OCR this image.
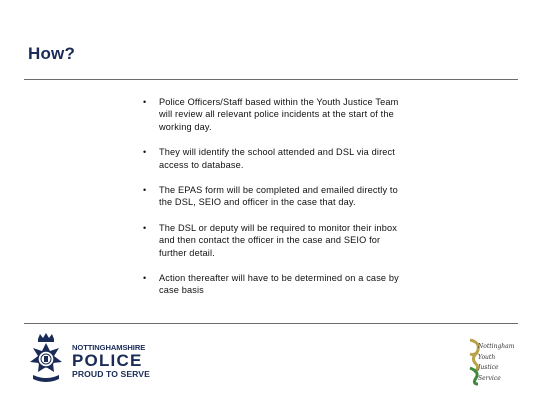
How?
• Police Officers/Staff based within the Youth Justice Team will review all relevant police incidents at the start of the working day.
• They will identify the school attended and DSL via direct access to database.
• The EPAS form will be completed and emailed directly to the DSL, SEIO and officer in the case that day.
• The DSL or deputy will be required to monitor their inbox and then contact the officer in the case and SEIO for further detail.
• Action thereafter will have to be determined on a case by case basis
NOTTINGHAMSHIRE
POLICE
PROUD TO SERVE
Nottingham
Youth
Justice
Service
